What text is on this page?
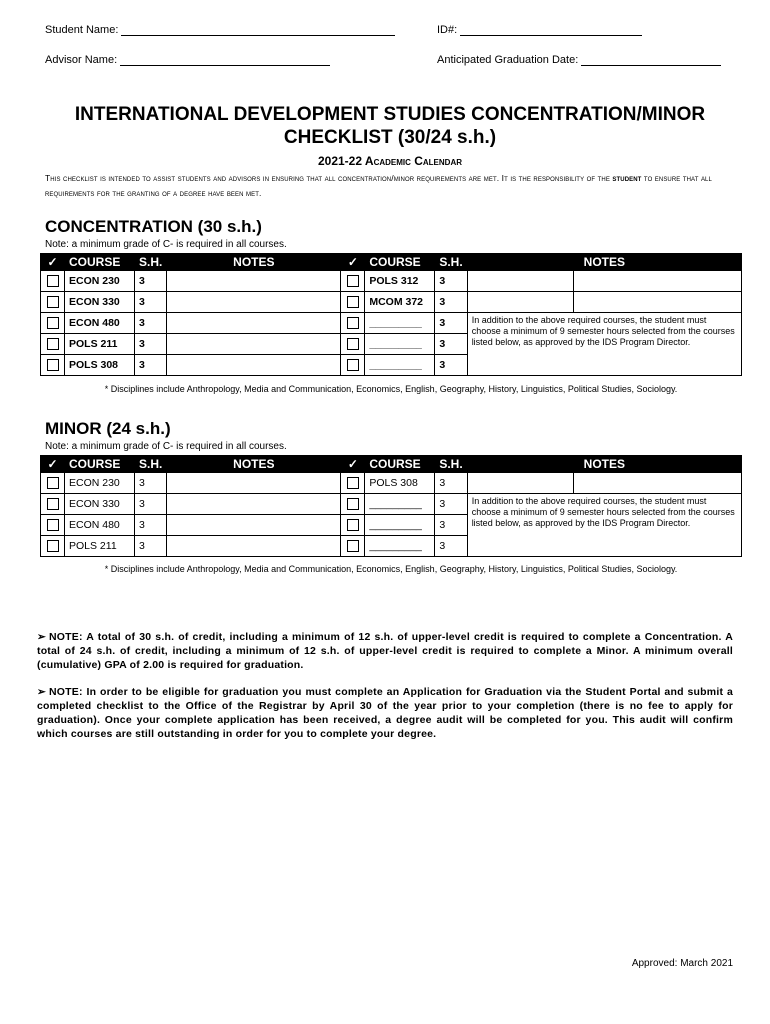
Student Name:	ID#:
Advisor Name:	Anticipated Graduation Date:
INTERNATIONAL DEVELOPMENT STUDIES CONCENTRATION/MINOR CHECKLIST (30/24 s.h.)
2021-22 Academic Calendar
This checklist is intended to assist students and advisors in ensuring that all concentration/minor requirements are met. It is the responsibility of the student to ensure that all requirements for the granting of a degree have been met.
CONCENTRATION (30 s.h.)
Note: a minimum grade of C- is required in all courses.
✓	COURSE	S.H.	NOTES	✓	COURSE	S.H.	NOTES	
	ECON 230	3			POLS 312	3		
	ECON 330	3			MCOM 372	3		
	ECON 480	3			_________	3	In addition to the above required courses, the student must choose a minimum of 9 semester hours selected from the courses listed below, as approved by the IDS Program Director.	
	POLS 211	3			_________	3		
	POLS 308	3			_________	3		
* Disciplines include Anthropology, Media and Communication, Economics, English, Geography, History, Linguistics, Political Studies, Sociology.
MINOR (24 s.h.)
Note: a minimum grade of C- is required in all courses.
✓	COURSE	S.H.	NOTES	✓	COURSE	S.H.	NOTES	
	ECON 230	3			POLS 308	3		
	ECON 330	3			_________	3	In addition to the above required courses, the student must choose a minimum of 9 semester hours selected from the courses listed below, as approved by the IDS Program Director.	
	ECON 480	3			_________	3		
	POLS 211	3			_________	3		
* Disciplines include Anthropology, Media and Communication, Economics, English, Geography, History, Linguistics, Political Studies, Sociology.
➢ NOTE: A total of 30 s.h. of credit, including a minimum of 12 s.h. of upper-level credit is required to complete a Concentration. A total of 24 s.h. of credit, including a minimum of 12 s.h. of upper-level credit is required to complete a Minor. A minimum overall (cumulative) GPA of 2.00 is required for graduation.
➢ NOTE: In order to be eligible for graduation you must complete an Application for Graduation via the Student Portal and submit a completed checklist to the Office of the Registrar by April 30 of the year prior to your completion (there is no fee to apply for graduation). Once your complete application has been received, a degree audit will be completed for you. This audit will confirm which courses are still outstanding in order for you to complete your degree.
Approved: March 2021
